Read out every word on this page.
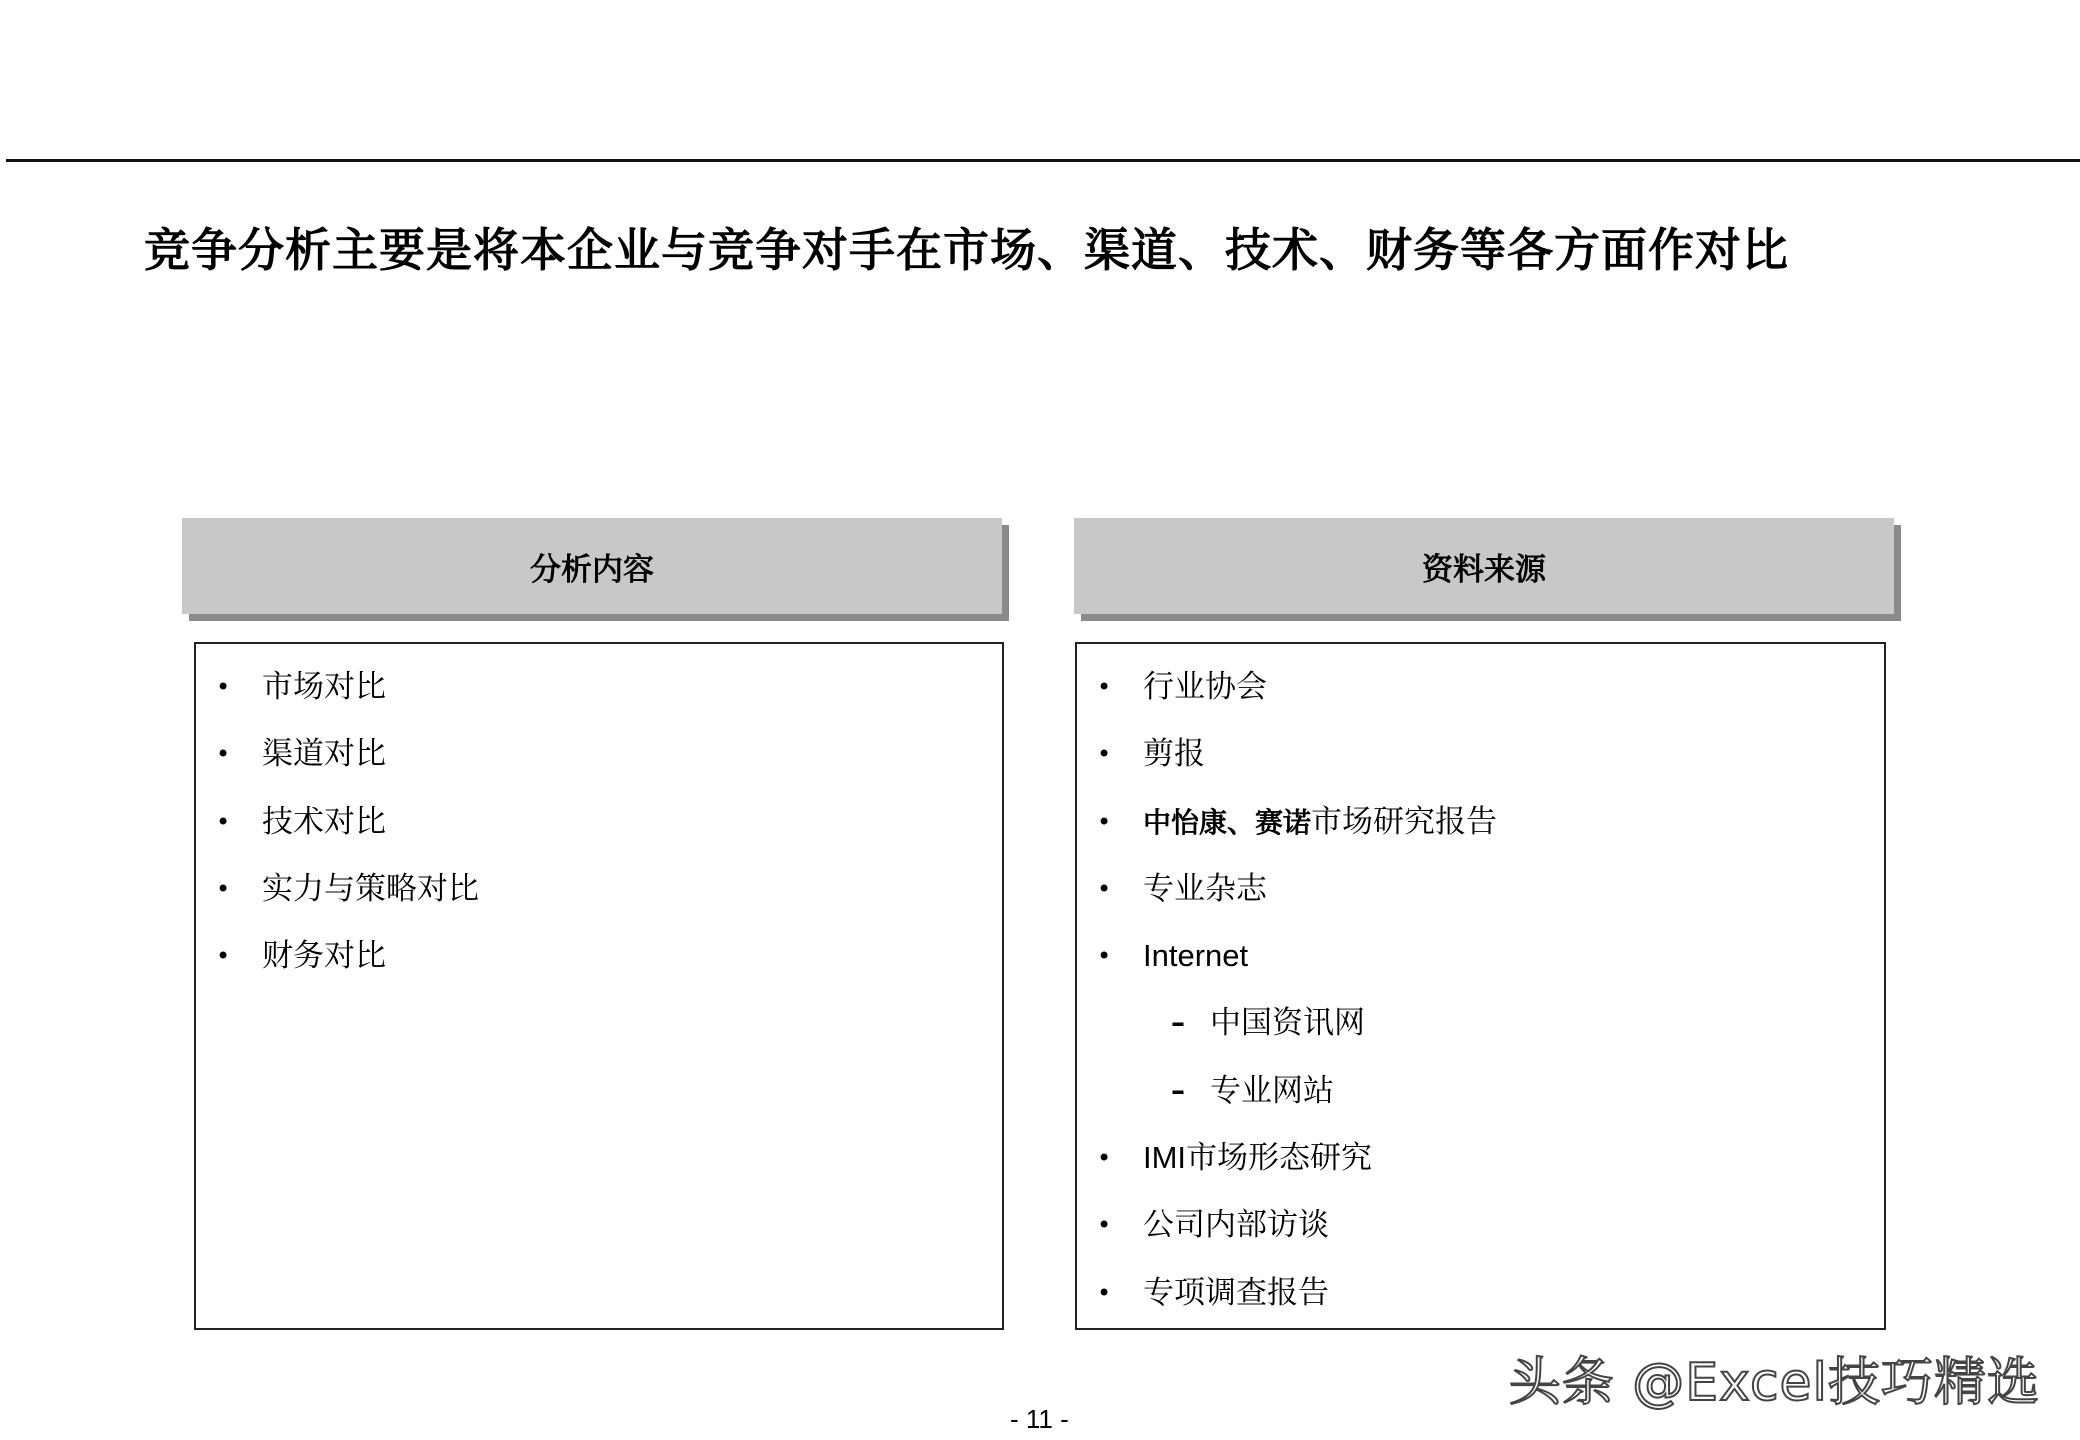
竞争分析主要是将本企业与竞争对手在市场、渠道、技术、财务等各方面作对比
分析内容
• 市场对比
• 渠道对比
• 技术对比
• 实力与策略对比
• 财务对比
资料来源
• 行业协会
• 剪报
• 中怡康、赛诺市场研究报告
• 专业杂志
• Internet
– 中国资讯网
– 专业网站
• IMI市场形态研究
• 公司内部访谈
• 专项调查报告
头条 @Excel技巧精选
- 11 -
